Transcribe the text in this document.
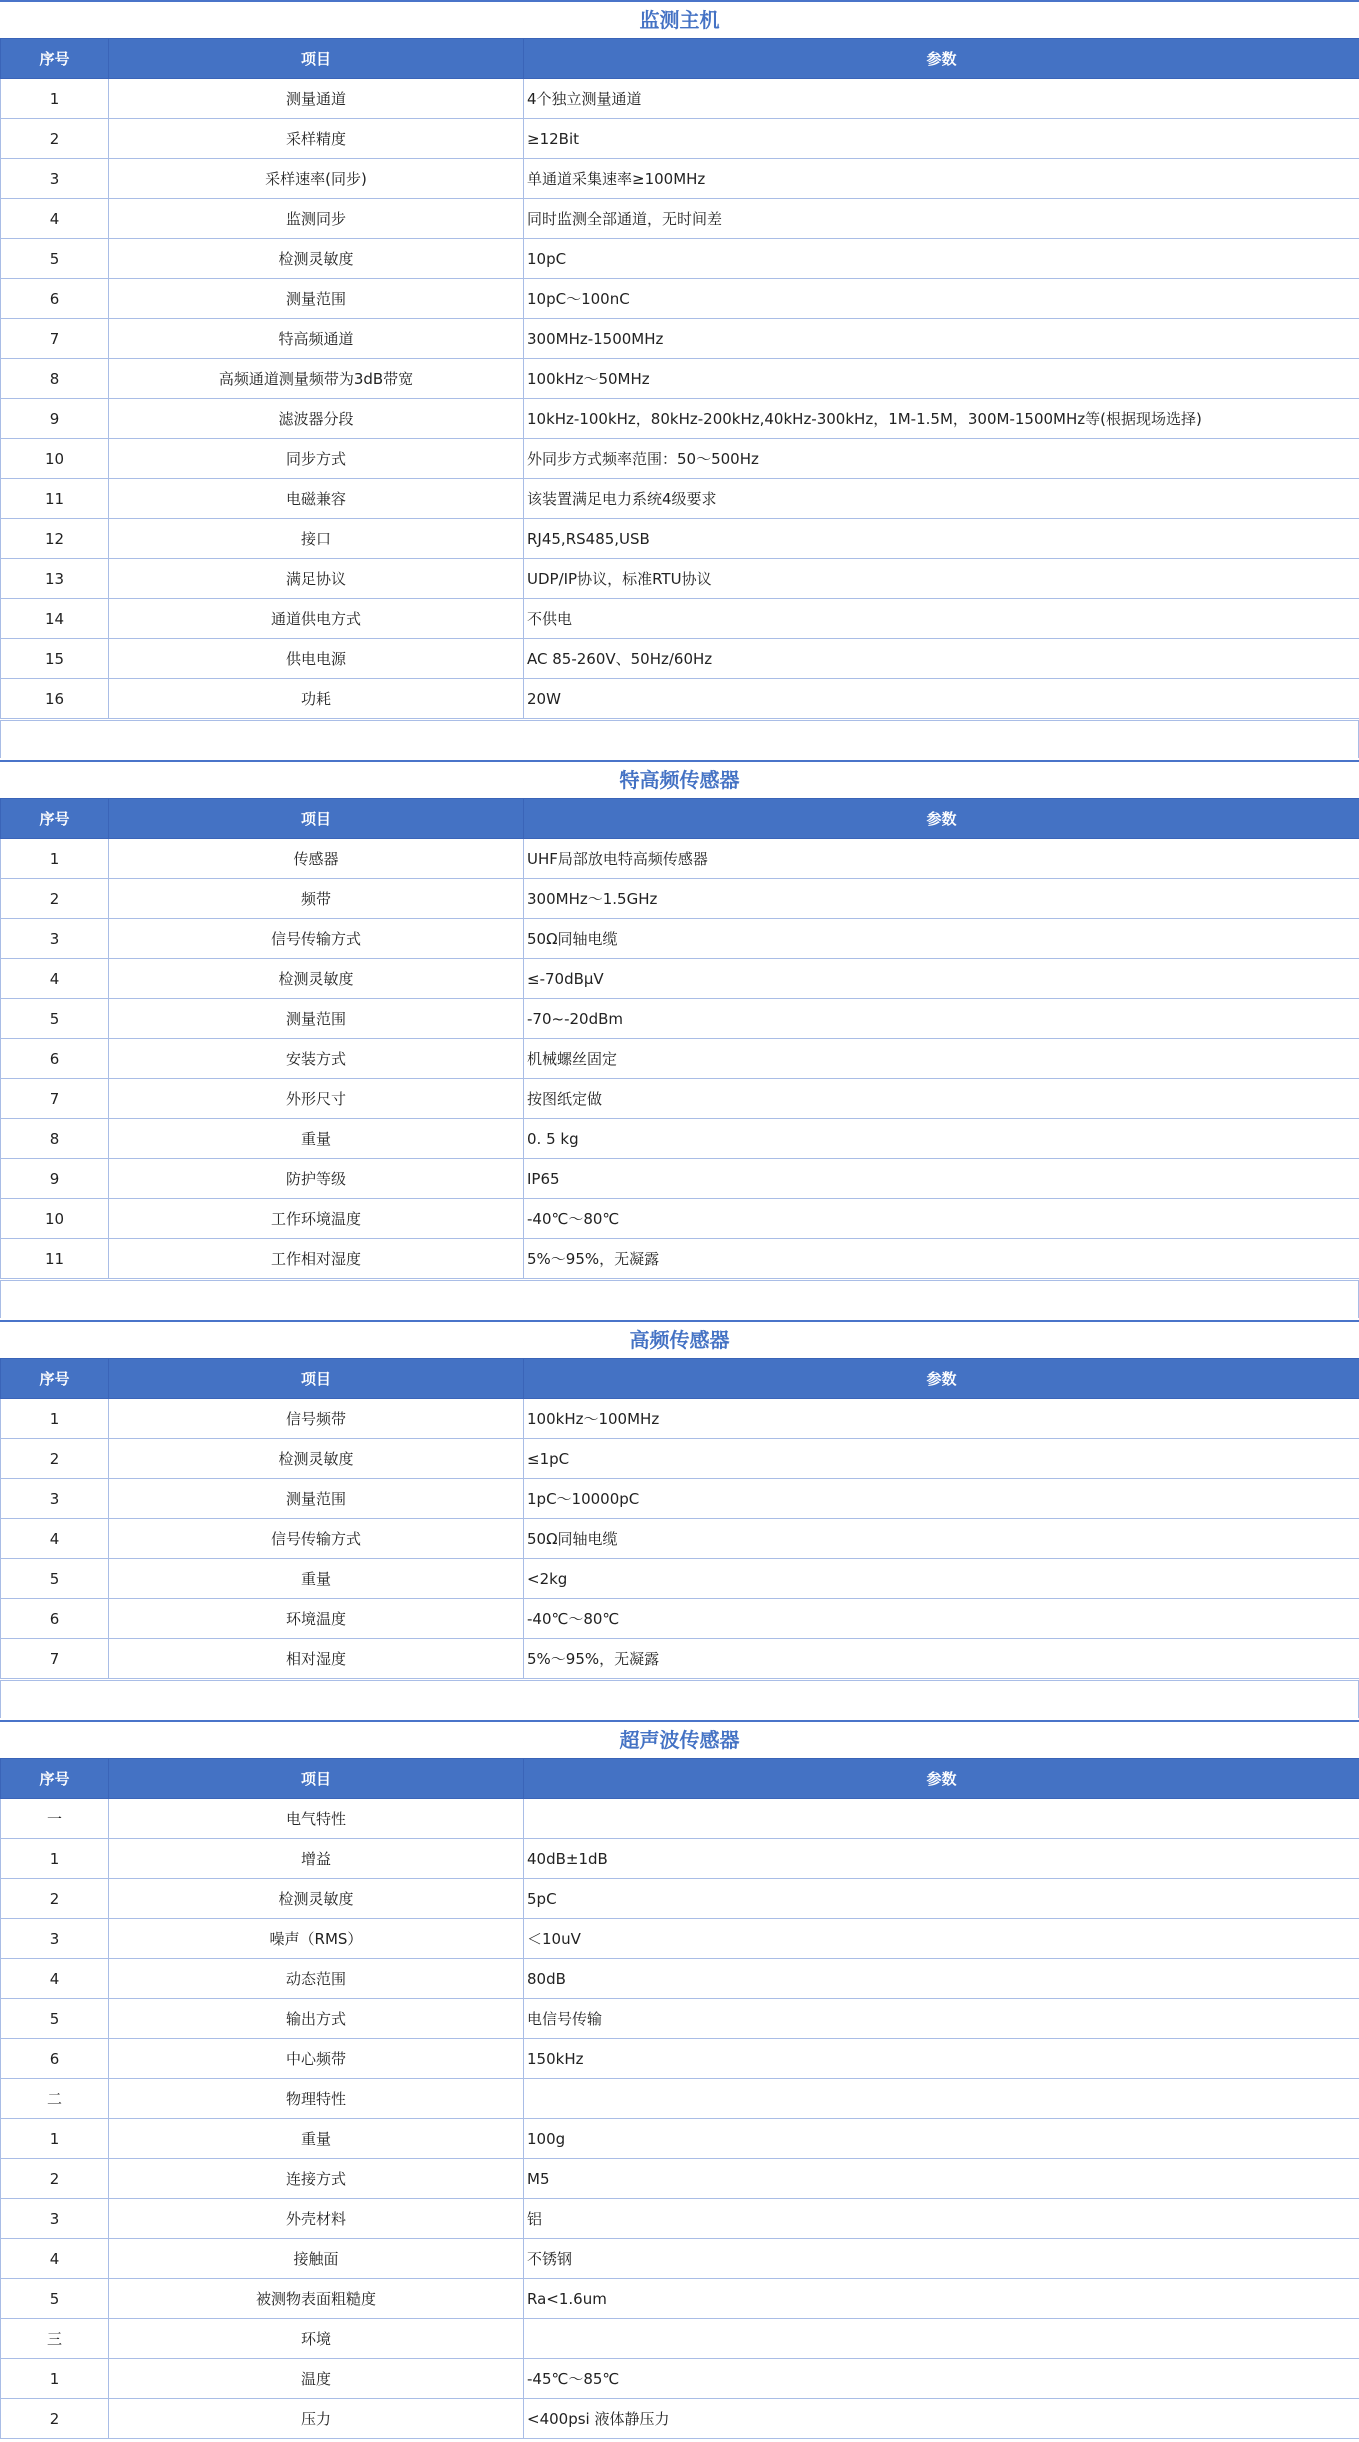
监测主机
序号	项目	参数
1	测量通道	4个独立测量通道
2	采样精度	≥12Bit
3	采样速率(同步)	单通道采集速率≥100MHz
4	监测同步	同时监测全部通道，无时间差
5	检测灵敏度	10pC
6	测量范围	10pC～100nC
7	特高频通道	300MHz-1500MHz
8	高频通道测量频带为3dB带宽	100kHz～50MHz
9	滤波器分段	10kHz-100kHz，80kHz-200kHz,40kHz-300kHz，1M-1.5M，300M-1500MHz等(根据现场选择)
10	同步方式	外同步方式频率范围：50～500Hz
11	电磁兼容	该装置满足电力系统4级要求
12	接口	RJ45,RS485,USB
13	满足协议	UDP/IP协议，标准RTU协议
14	通道供电方式	不供电
15	供电电源	AC 85-260V、50Hz/60Hz
16	功耗	20W
特高频传感器
序号	项目	参数
1	传感器	UHF局部放电特高频传感器
2	频带	300MHz～1.5GHz
3	信号传输方式	50Ω同轴电缆
4	检测灵敏度	≤-70dBμV
5	测量范围	-70~-20dBm
6	安装方式	机械螺丝固定
7	外形尺寸	按图纸定做
8	重量	0. 5 kg
9	防护等级	IP65
10	工作环境温度	-40℃～80℃
11	工作相对湿度	5%～95%，无凝露
高频传感器
序号	项目	参数
1	信号频带	100kHz～100MHz
2	检测灵敏度	≤1pC
3	测量范围	1pC～10000pC
4	信号传输方式	50Ω同轴电缆
5	重量	<2kg
6	环境温度	-40℃～80℃
7	相对湿度	5%～95%，无凝露
超声波传感器
序号	项目	参数
一	电气特性	
1	增益	40dB±1dB
2	检测灵敏度	5pC
3	噪声（RMS）	＜10uV
4	动态范围	80dB
5	输出方式	电信号传输
6	中心频带	150kHz
二	物理特性	
1	重量	100g
2	连接方式	M5
3	外壳材料	铝
4	接触面	不锈钢
5	被测物表面粗糙度	Ra<1.6um
三	环境	
1	温度	-45℃～85℃
2	压力	<400psi 液体静压力
